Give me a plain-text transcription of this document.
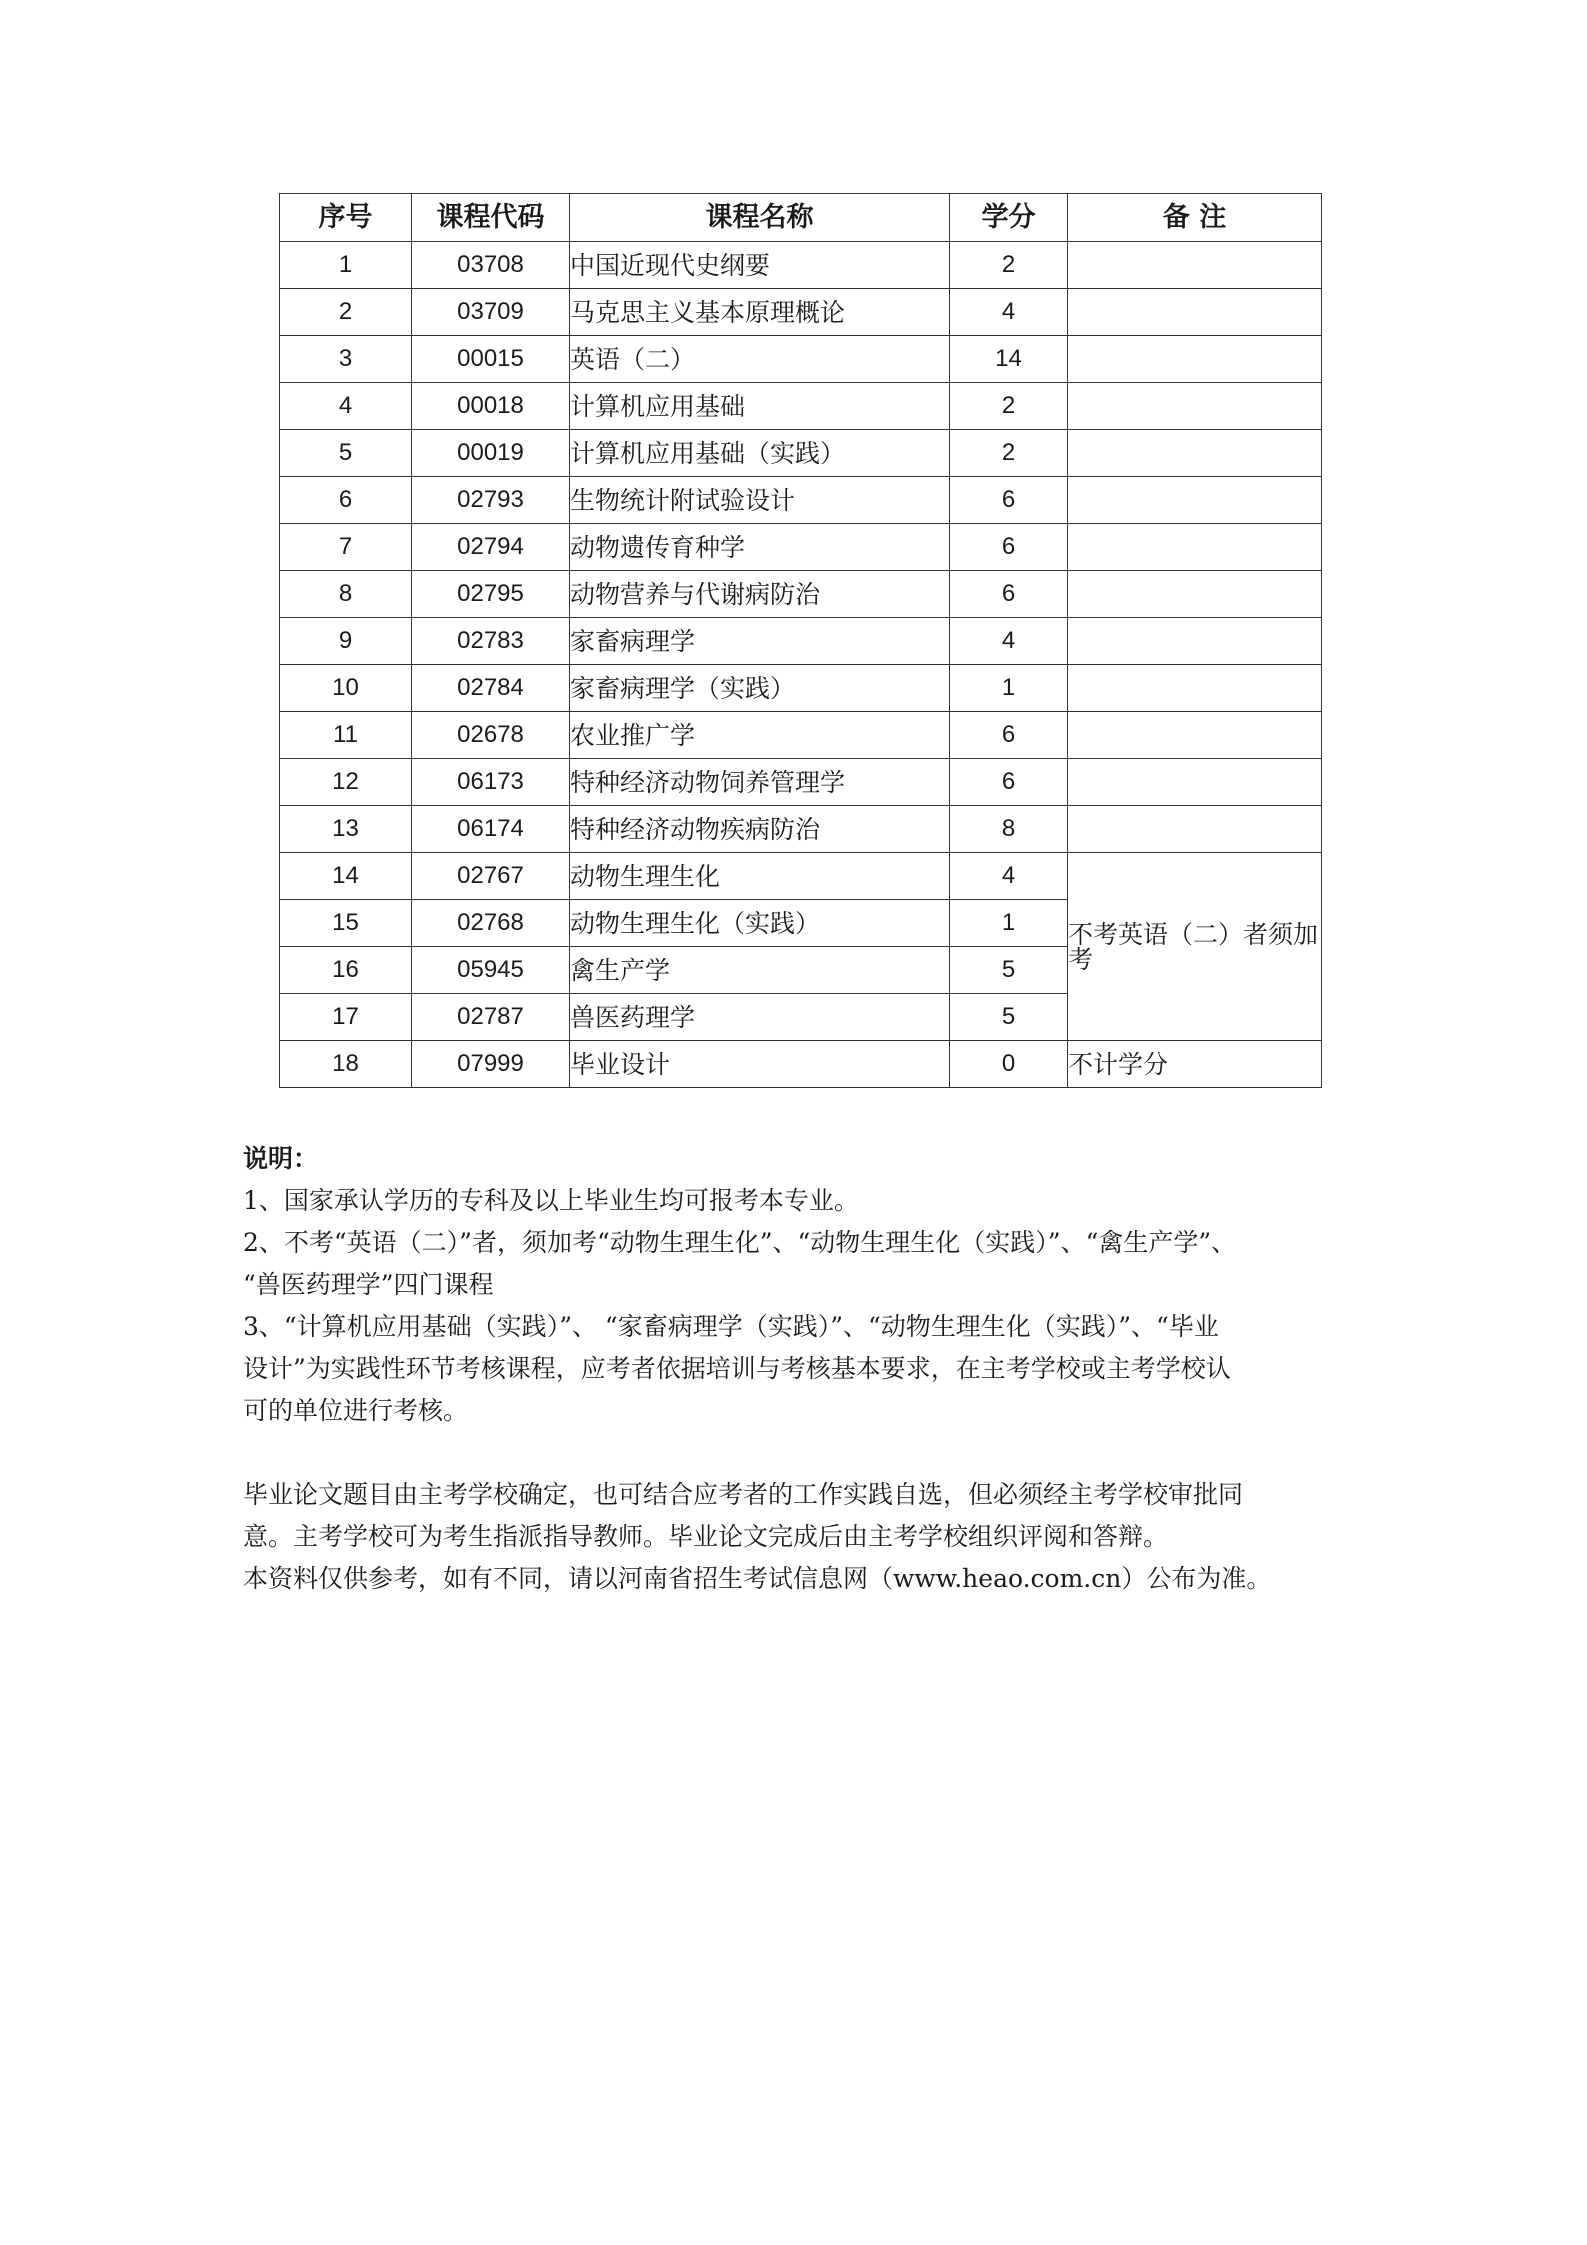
序号	课程代码	课程名称	学分	备 注
1	03708	中国近现代史纲要	2	
2	03709	马克思主义基本原理概论	4	
3	00015	英语（二）	14	
4	00018	计算机应用基础	2	
5	00019	计算机应用基础（实践）	2	
6	02793	生物统计附试验设计	6	
7	02794	动物遗传育种学	6	
8	02795	动物营养与代谢病防治	6	
9	02783	家畜病理学	4	
10	02784	家畜病理学（实践）	1	
11	02678	农业推广学	6	
12	06173	特种经济动物饲养管理学	6	
13	06174	特种经济动物疾病防治	8	
14	02767	动物生理生化	4	不考英语（二）者须加考
15	02768	动物生理生化（实践）	1	
16	05945	禽生产学	5	
17	02787	兽医药理学	5	
18	07999	毕业设计	0	不计学分

说明：

1、国家承认学历的专科及以上毕业生均可报考本专业。

2、不考“英语（二）”者，须加考“动物生理生化”、“动物生理生化（实践）”、“禽生产学”、

“兽医药理学”四门课程

3、“计算机应用基础（实践）”、 “家畜病理学（实践）”、“动物生理生化（实践）”、“毕业

设计”为实践性环节考核课程，应考者依据培训与考核基本要求，在主考学校或主考学校认

可的单位进行考核。

毕业论文题目由主考学校确定，也可结合应考者的工作实践自选，但必须经主考学校审批同

意。主考学校可为考生指派指导教师。毕业论文完成后由主考学校组织评阅和答辩。

本资料仅供参考，如有不同，请以河南省招生考试信息网（www.heao.com.cn）公布为准。
